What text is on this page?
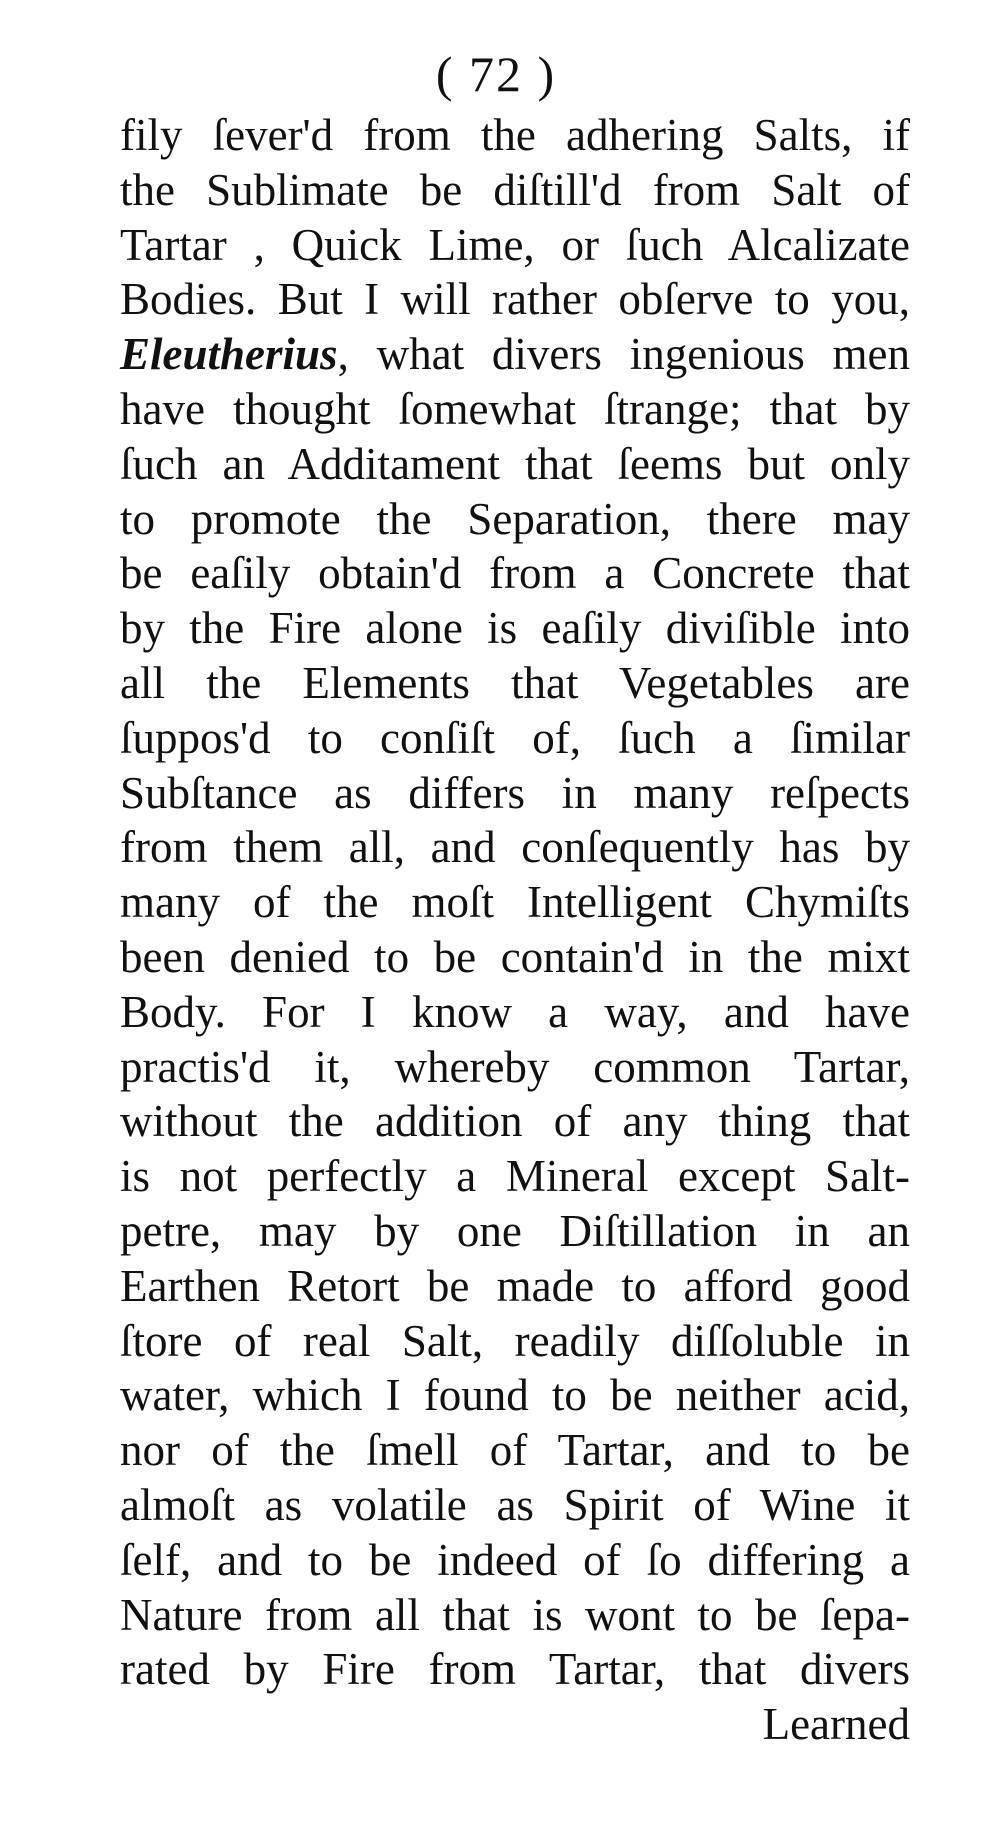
( 72 )
fily ſever'd from the adhering Salts, if
the Sublimate be diſtill'd from Salt of
Tartar , Quick Lime, or ſuch Alcalizate
Bodies. But I will rather obſerve to you,
Eleutherius, what divers ingenious men
have thought ſomewhat ſtrange; that by
ſuch an Additament that ſeems but only
to promote the Separation, there may
be eaſily obtain'd from a Concrete that
by the Fire alone is eaſily diviſible into
all the Elements that Vegetables are
ſuppos'd to conſiſt of, ſuch a ſimilar
Subſtance as differs in many reſpects
from them all, and conſequently has by
many of the moſt Intelligent Chymiſts
been denied to be contain'd in the mixt
Body. For I know a way, and have
practis'd it, whereby common Tartar,
without the addition of any thing that
is not perfectly a Mineral except Salt-
petre, may by one Diſtillation in an
Earthen Retort be made to afford good
ſtore of real Salt, readily diſſoluble in
water, which I found to be neither acid,
nor of the ſmell of Tartar, and to be
almoſt as volatile as Spirit of Wine it
ſelf, and to be indeed of ſo differing a
Nature from all that is wont to be ſepa-
rated by Fire from Tartar, that divers
Learned
